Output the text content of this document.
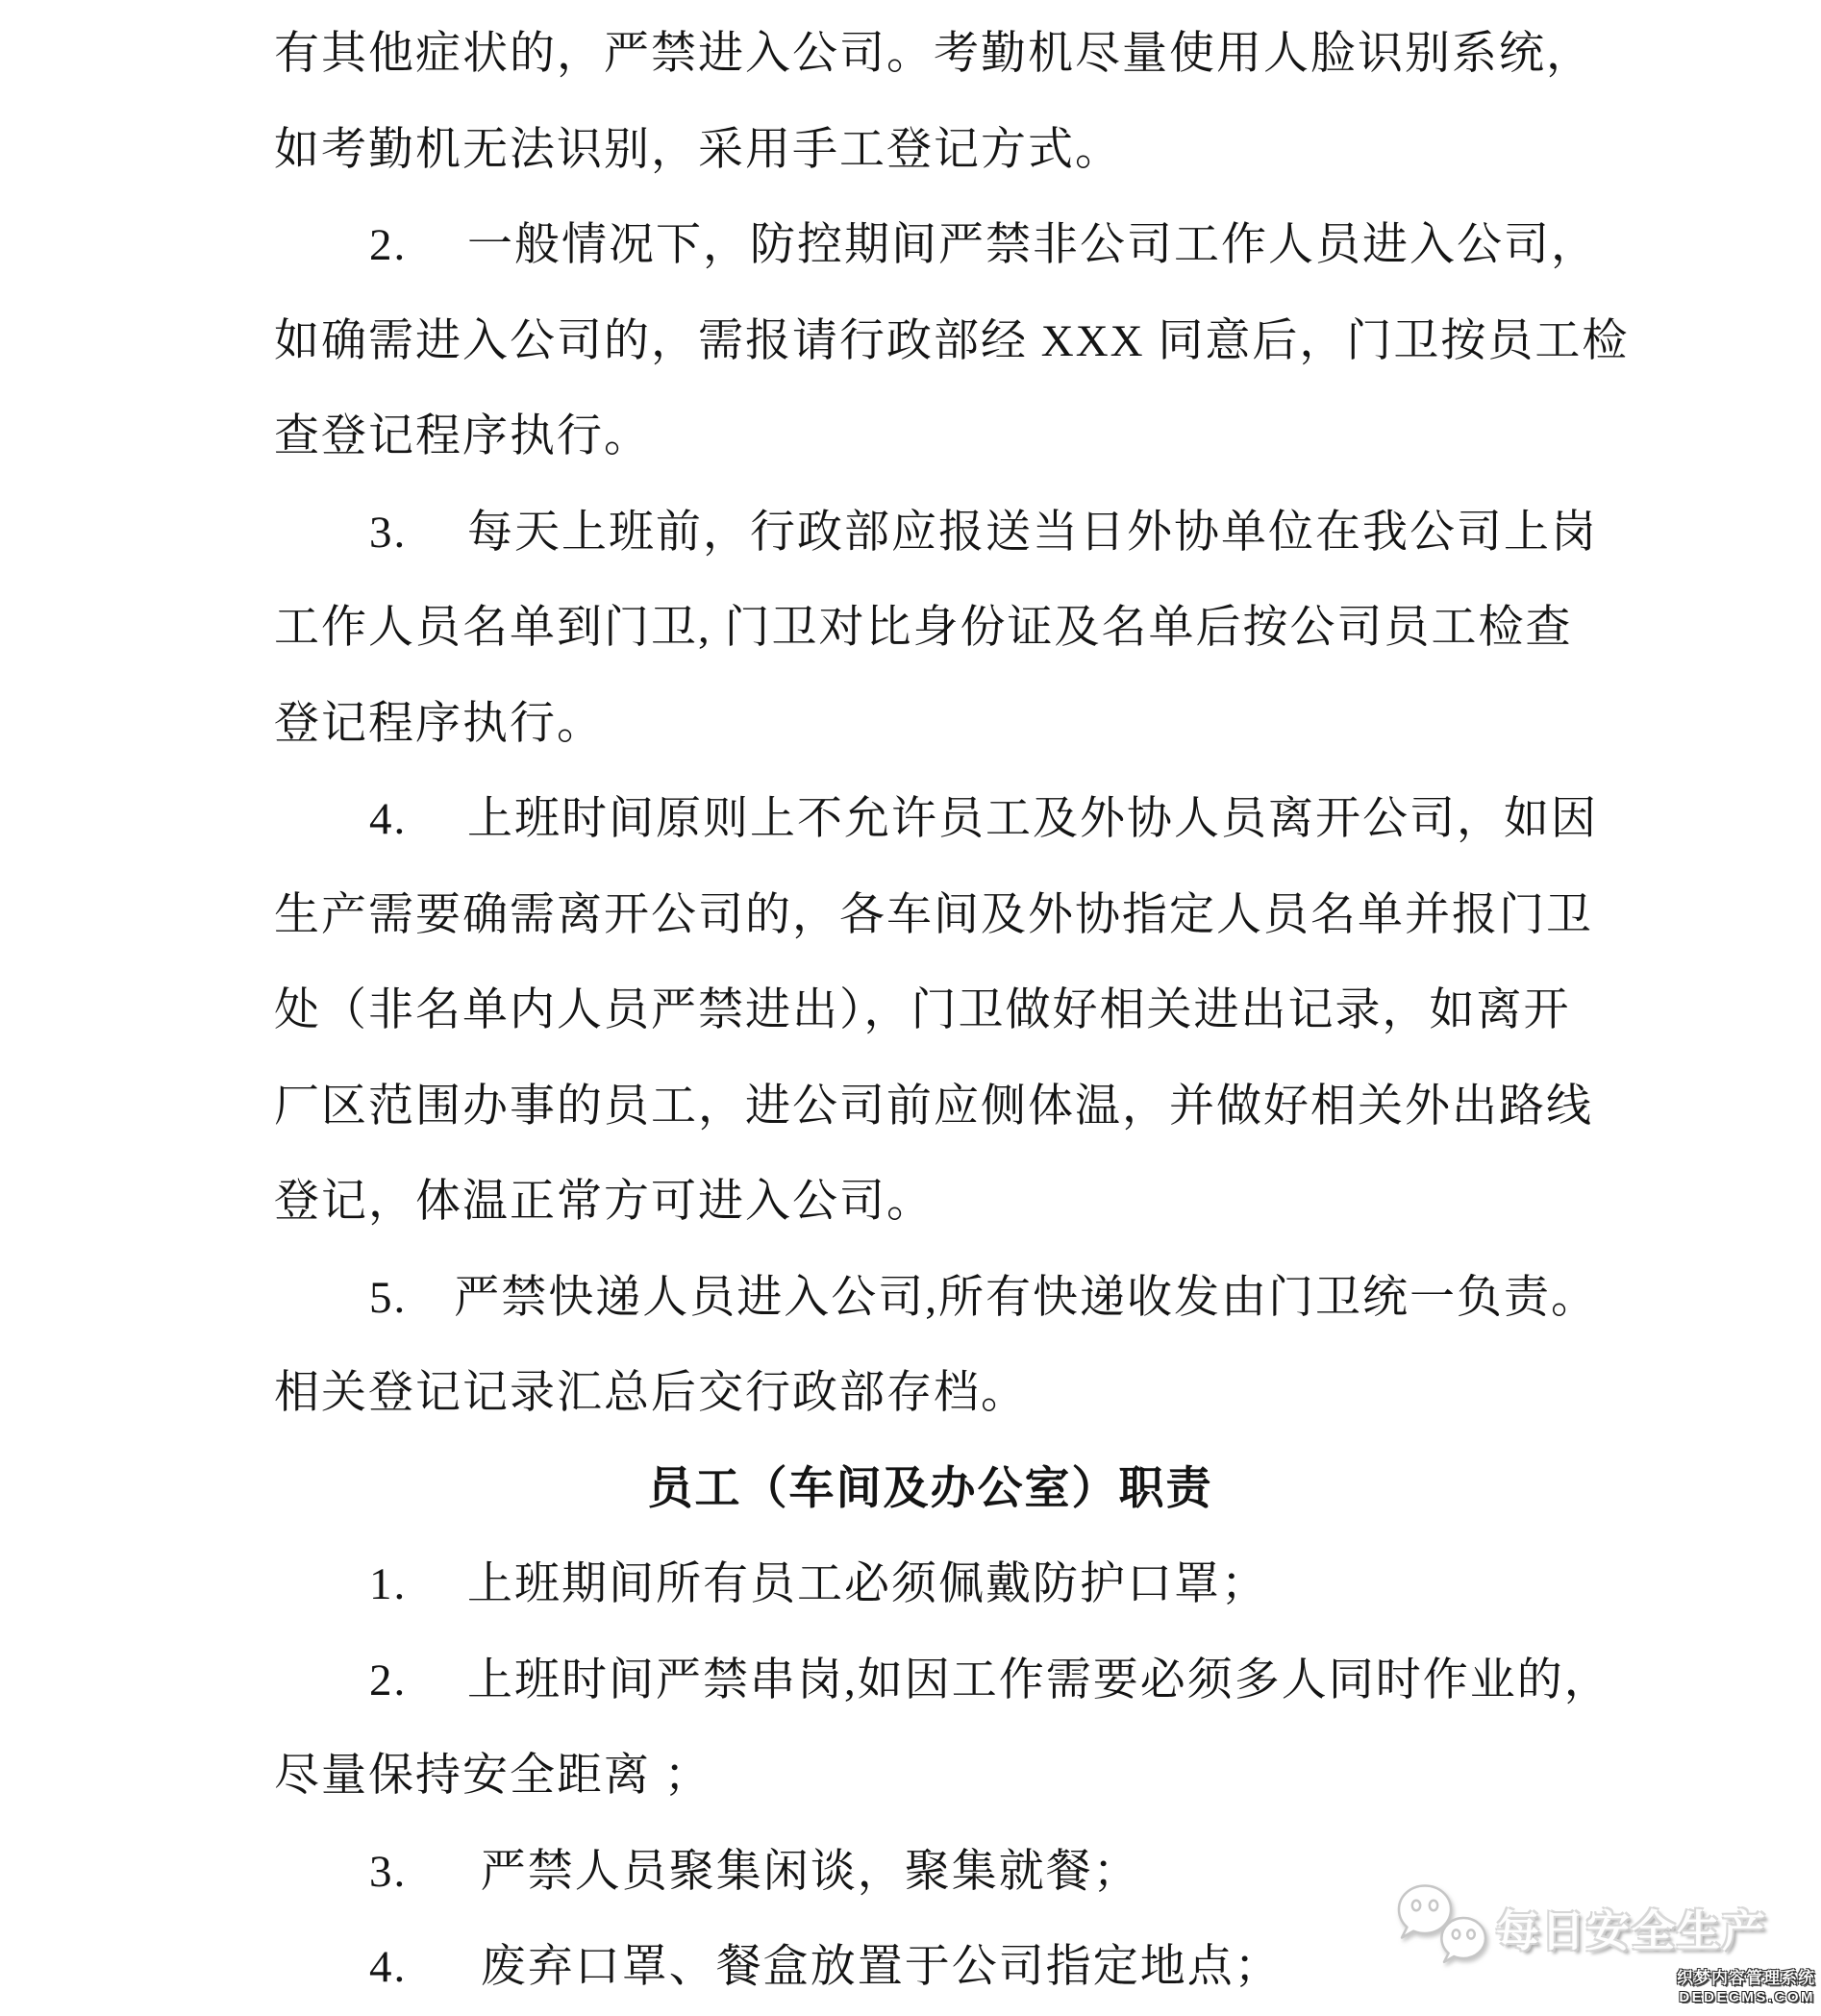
有其他症状的，严禁进入公司。考勤机尽量使用人脸识别系统，
如考勤机无法识别，采用手工登记方式。
2.　 一般情况下，防控期间严禁非公司工作人员进入公司，
如确需进入公司的，需报请行政部经 XXX 同意后，门卫按员工检
查登记程序执行。
3.　 每天上班前，行政部应报送当日外协单位在我公司上岗
工作人员名单到门卫, 门卫对比身份证及名单后按公司员工检查
登记程序执行。
4.　 上班时间原则上不允许员工及外协人员离开公司，如因
生产需要确需离开公司的，各车间及外协指定人员名单并报门卫
处（非名单内人员严禁进出），门卫做好相关进出记录，如离开
厂区范围办事的员工，进公司前应侧体温，并做好相关外出路线
登记，体温正常方可进入公司。
5.　严禁快递人员进入公司,所有快递收发由门卫统一负责。
相关登记记录汇总后交行政部存档。
员工（车间及办公室）职责
1.　 上班期间所有员工必须佩戴防护口罩；
2.　 上班时间严禁串岗,如因工作需要必须多人同时作业的，
尽量保持安全距离 ；
3.　  严禁人员聚集闲谈，聚集就餐；
4.　  废弃口罩、餐盒放置于公司指定地点；
每日安全生产
织梦内容管理系统
DEDECMS.COM
